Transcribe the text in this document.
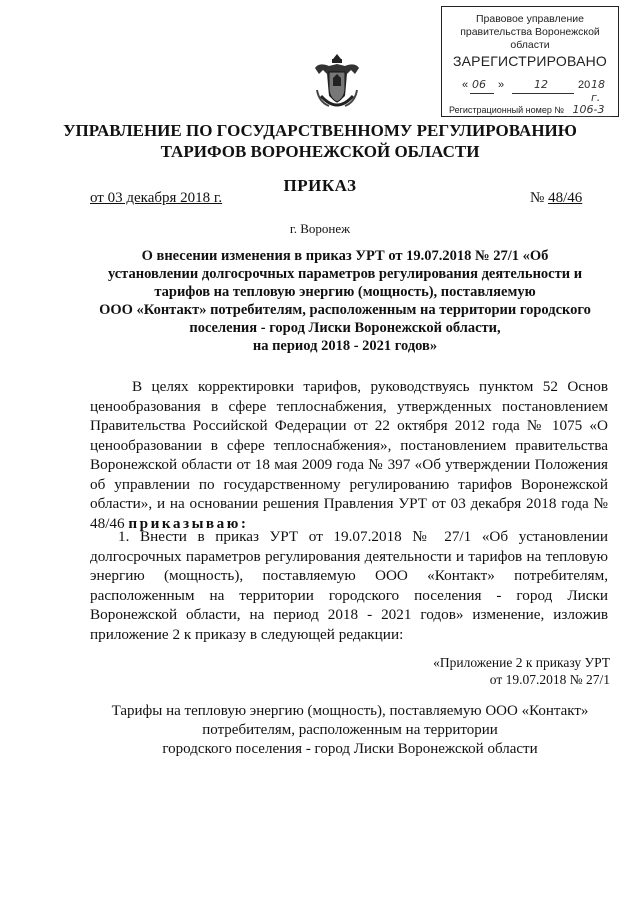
Правовое управление правительства Воронежской области
ЗАРЕГИСТРИРОВАНО
« 06 »	12	20 18 г.
Регистрационный номер № 106-3
УПРАВЛЕНИЕ ПО ГОСУДАРСТВЕННОМУ РЕГУЛИРОВАНИЮ
ТАРИФОВ ВОРОНЕЖСКОЙ ОБЛАСТИ
ПРИКАЗ
от 03 декабря 2018 г.	№ 48/46
г. Воронеж
О внесении изменения в приказ УРТ от 19.07.2018 № 27/1 «Об
установлении долгосрочных параметров регулирования деятельности и
тарифов на тепловую энергию (мощность), поставляемую
ООО «Контакт» потребителям, расположенным на территории городского
поселения - город Лиски Воронежской области,
на период 2018 - 2021 годов»
В целях корректировки тарифов, руководствуясь пунктом 52 Основ ценообразования в сфере теплоснабжения, утвержденных постановлением Правительства Российской Федерации от 22 октября 2012 года № 1075 «О ценообразовании в сфере теплоснабжения», постановлением правительства Воронежской области от 18 мая 2009 года № 397 «Об утверждении Положения об управлении по государственному регулированию тарифов Воронежской области», и на основании решения Правления УРТ от 03 декабря 2018 года № 48/46 приказываю:
1. Внести в приказ УРТ от 19.07.2018 № 27/1 «Об установлении долгосрочных параметров регулирования деятельности и тарифов на тепловую энергию (мощность), поставляемую ООО «Контакт» потребителям, расположенным на территории городского поселения - город Лиски Воронежской области, на период 2018 - 2021 годов» изменение, изложив приложение 2 к приказу в следующей редакции:
«Приложение 2 к приказу УРТ
от 19.07.2018 № 27/1
Тарифы на тепловую энергию (мощность), поставляемую ООО «Контакт»
потребителям, расположенным на территории
городского поселения - город Лиски Воронежской области
